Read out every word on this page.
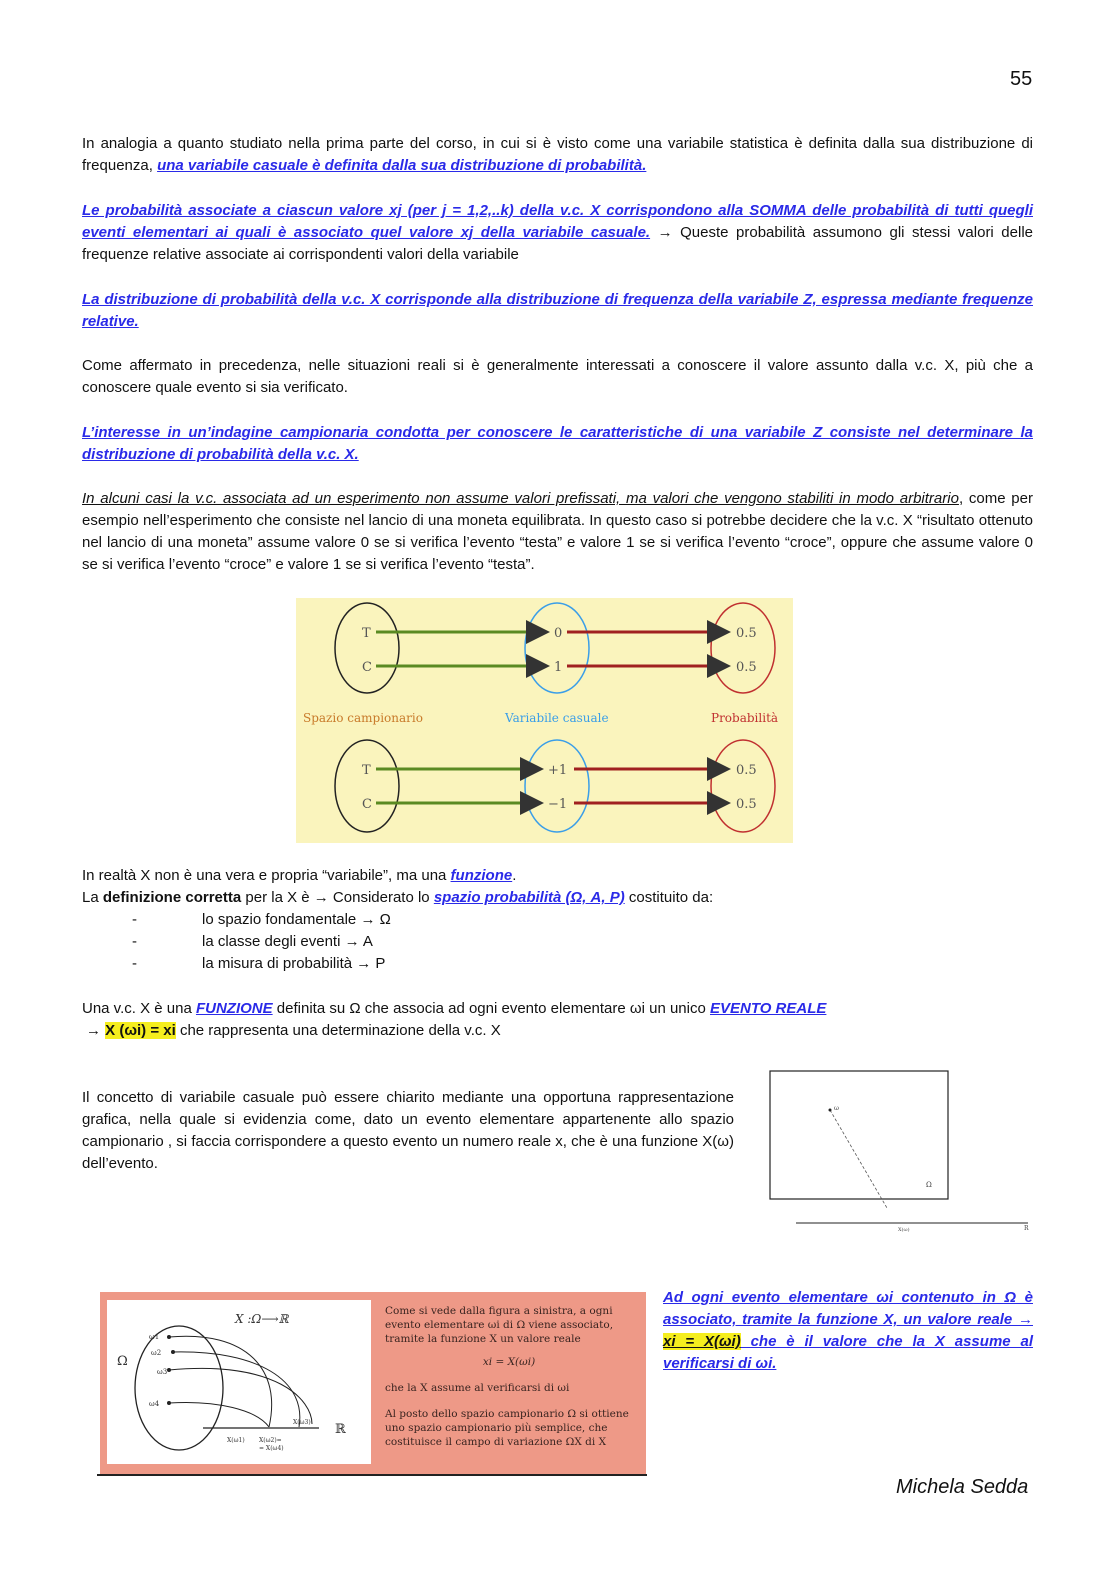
55
In analogia a quanto studiato nella prima parte del corso, in cui si è visto come una variabile statistica è definita dalla sua distribuzione di frequenza, una variabile casuale è definita dalla sua distribuzione di probabilità.
Le probabilità associate a ciascun valore xj (per j = 1,2,..k) della v.c. X corrispondono alla SOMMA delle probabilità di tutti quegli eventi elementari ai quali è associato quel valore xj della variabile casuale. → Queste probabilità assumono gli stessi valori delle frequenze relative associate ai corrispondenti valori della variabile
La distribuzione di probabilità della v.c. X corrisponde alla distribuzione di frequenza della variabile Z, espressa mediante frequenze relative.
Come affermato in precedenza, nelle situazioni reali si è generalmente interessati a conoscere il valore assunto dalla v.c. X, più che a conoscere quale evento si sia verificato.
L’interesse in un’indagine campionaria condotta per conoscere le caratteristiche di una variabile Z consiste nel determinare la distribuzione di probabilità della v.c. X.
In alcuni casi la v.c. associata ad un esperimento non assume valori prefissati, ma valori che vengono stabiliti in modo arbitrario, come per esempio nell’esperimento che consiste nel lancio di una moneta equilibrata. In questo caso si potrebbe decidere che la v.c. X “risultato ottenuto nel lancio di una moneta” assume valore 0 se si verifica l’evento “testa” e valore 1 se si verifica l’evento “croce”, oppure che assume valore 0 se si verifica l’evento “croce” e valore 1 se si verifica l’evento “testa”.
T
C
0
1
0.5
0.5
Spazio campionario	Variabile casuale	Probabilità
T
C
+1
−1
0.5
0.5
In realtà X non è una vera e propria “variabile”, ma una funzione.
La definizione corretta per la X è → Considerato lo spazio probabilità (Ω, A, P) costituito da:
-	lo spazio fondamentale → Ω
-	la classe degli eventi → A
-	la misura di probabilità → P
Una v.c. X è una FUNZIONE definita su Ω che associa ad ogni evento elementare ωi un unico EVENTO REALE
→ X (ωi) = xi che rappresenta una determinazione della v.c. X
Il concetto di variabile casuale può essere chiarito mediante una opportuna rappresentazione grafica, nella quale si evidenzia come, dato un evento elementare appartenente allo spazio campionario , si faccia corrispondere a questo evento un numero reale x, che è una funzione X(ω) dell’evento.
ω
Ω
X(ω)	R
X :Ω⟶ℝ
Ω
ω1
ω2
ω3
ω4
ℝ
X(ω1) X(ω2)=
= X(ω4)
X(ω3)
Come si vede dalla figura a sinistra, a ogni evento elementare ωi di Ω viene associato, tramite la funzione X un valore reale
xi = X(ωi)
che la X assume al verificarsi di ωi
Al posto dello spazio campionario Ω si ottiene uno spazio campionario più semplice, che costituisce il campo di variazione ΩX di X
Ad ogni evento elementare ωi contenuto in Ω è associato, tramite la funzione X, un valore reale → xi = X(ωi) che è il valore che la X assume al verificarsi di ωi.
Michela Sedda
